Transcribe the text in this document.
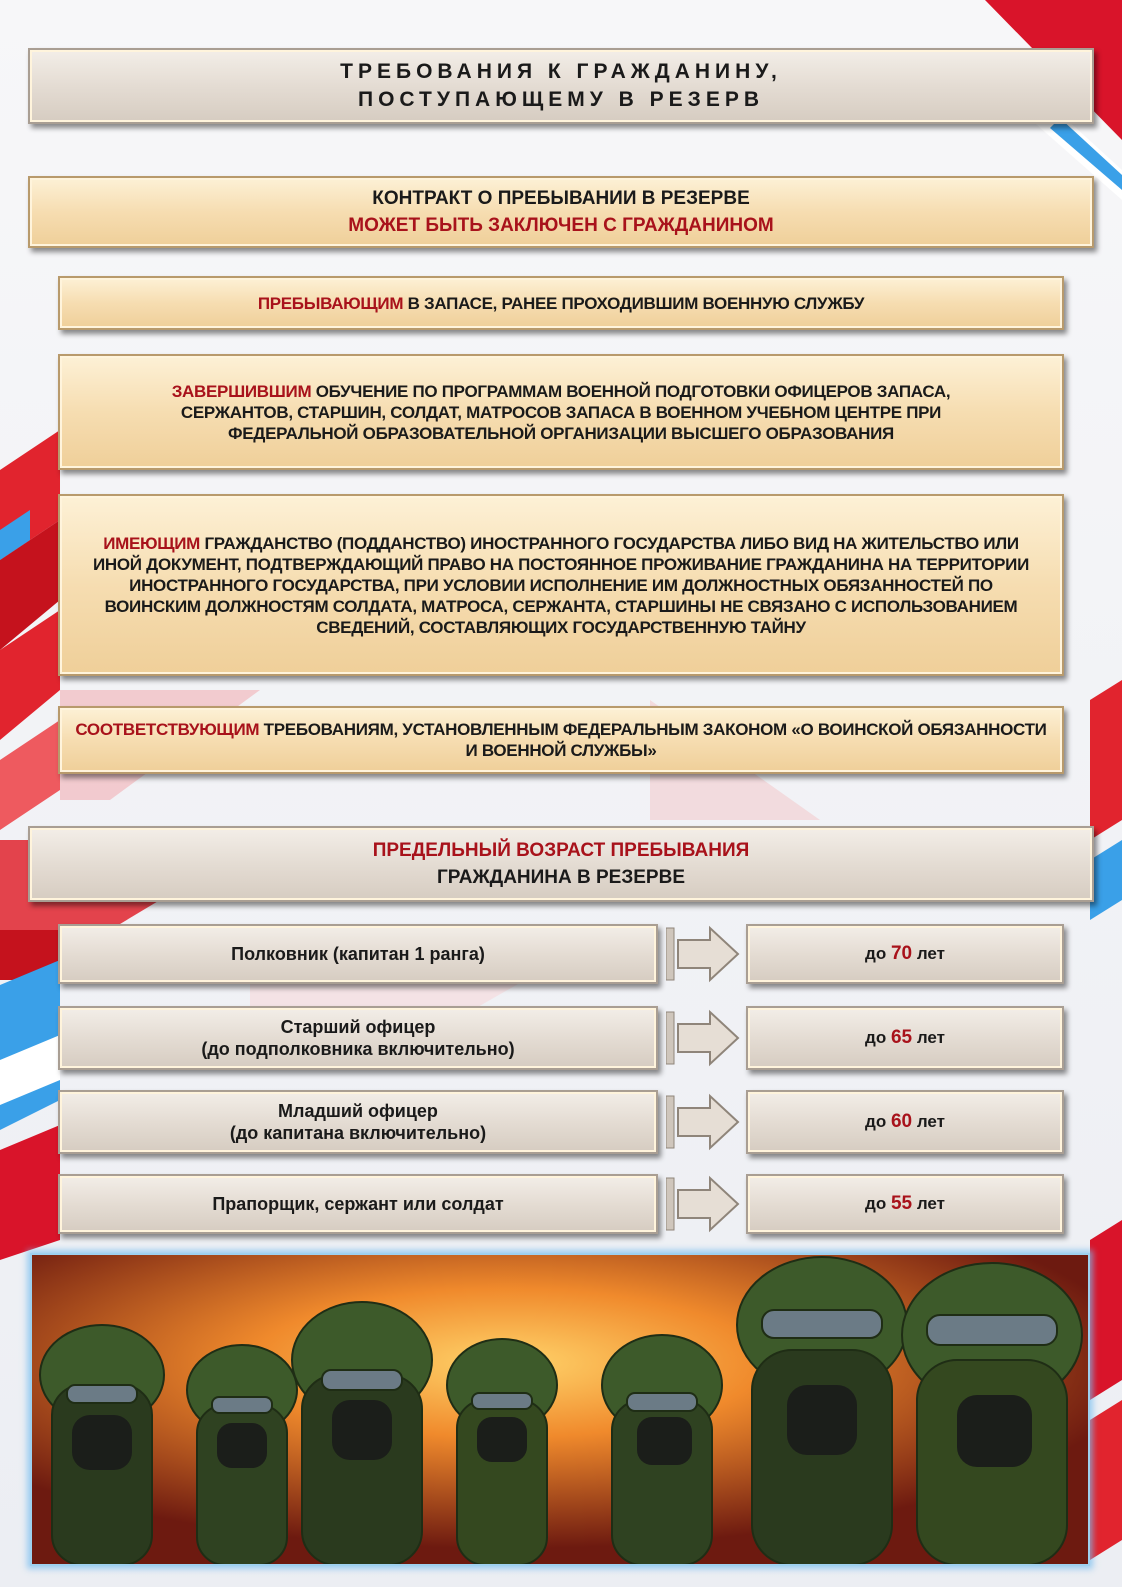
ТРЕБОВАНИЯ К ГРАЖДАНИНУ,
ПОСТУПАЮЩЕМУ В РЕЗЕРВ
КОНТРАКТ О ПРЕБЫВАНИИ В РЕЗЕРВЕ
МОЖЕТ БЫТЬ ЗАКЛЮЧЕН С ГРАЖДАНИНОМ
ПРЕБЫВАЮЩИМ В ЗАПАСЕ, РАНЕЕ ПРОХОДИВШИМ ВОЕННУЮ СЛУЖБУ
ЗАВЕРШИВШИМ ОБУЧЕНИЕ ПО ПРОГРАММАМ ВОЕННОЙ ПОДГОТОВКИ ОФИЦЕРОВ ЗАПАСА, СЕРЖАНТОВ, СТАРШИН, СОЛДАТ, МАТРОСОВ ЗАПАСА В ВОЕННОМ УЧЕБНОМ ЦЕНТРЕ ПРИ ФЕДЕРАЛЬНОЙ ОБРАЗОВАТЕЛЬНОЙ ОРГАНИЗАЦИИ ВЫСШЕГО ОБРАЗОВАНИЯ
ИМЕЮЩИМ ГРАЖДАНСТВО (ПОДДАНСТВО) ИНОСТРАННОГО ГОСУДАРСТВА ЛИБО ВИД НА ЖИТЕЛЬСТВО ИЛИ ИНОЙ ДОКУМЕНТ, ПОДТВЕРЖДАЮЩИЙ ПРАВО НА ПОСТОЯННОЕ ПРОЖИВАНИЕ ГРАЖДАНИНА НА ТЕРРИТОРИИ ИНОСТРАННОГО ГОСУДАРСТВА, ПРИ УСЛОВИИ ИСПОЛНЕНИЕ ИМ ДОЛЖНОСТНЫХ ОБЯЗАННОСТЕЙ ПО ВОИНСКИМ ДОЛЖНОСТЯМ СОЛДАТА, МАТРОСА, СЕРЖАНТА, СТАРШИНЫ НЕ СВЯЗАНО С ИСПОЛЬЗОВАНИЕМ СВЕДЕНИЙ, СОСТАВЛЯЮЩИХ ГОСУДАРСТВЕННУЮ ТАЙНУ
СООТВЕТСТВУЮЩИМ ТРЕБОВАНИЯМ, УСТАНОВЛЕННЫМ ФЕДЕРАЛЬНЫМ ЗАКОНОМ «О ВОИНСКОЙ ОБЯЗАННОСТИ И ВОЕННОЙ СЛУЖБЫ»
ПРЕДЕЛЬНЫЙ ВОЗРАСТ ПРЕБЫВАНИЯ
ГРАЖДАНИНА В РЕЗЕРВЕ
Полковник (капитан 1 ранга)	до 70 лет
Старший офицер
(до подполковника включительно)
до 65 лет
Младший офицер
(до капитана включительно)
до 60 лет
Прапорщик, сержант или солдат	до 55 лет
